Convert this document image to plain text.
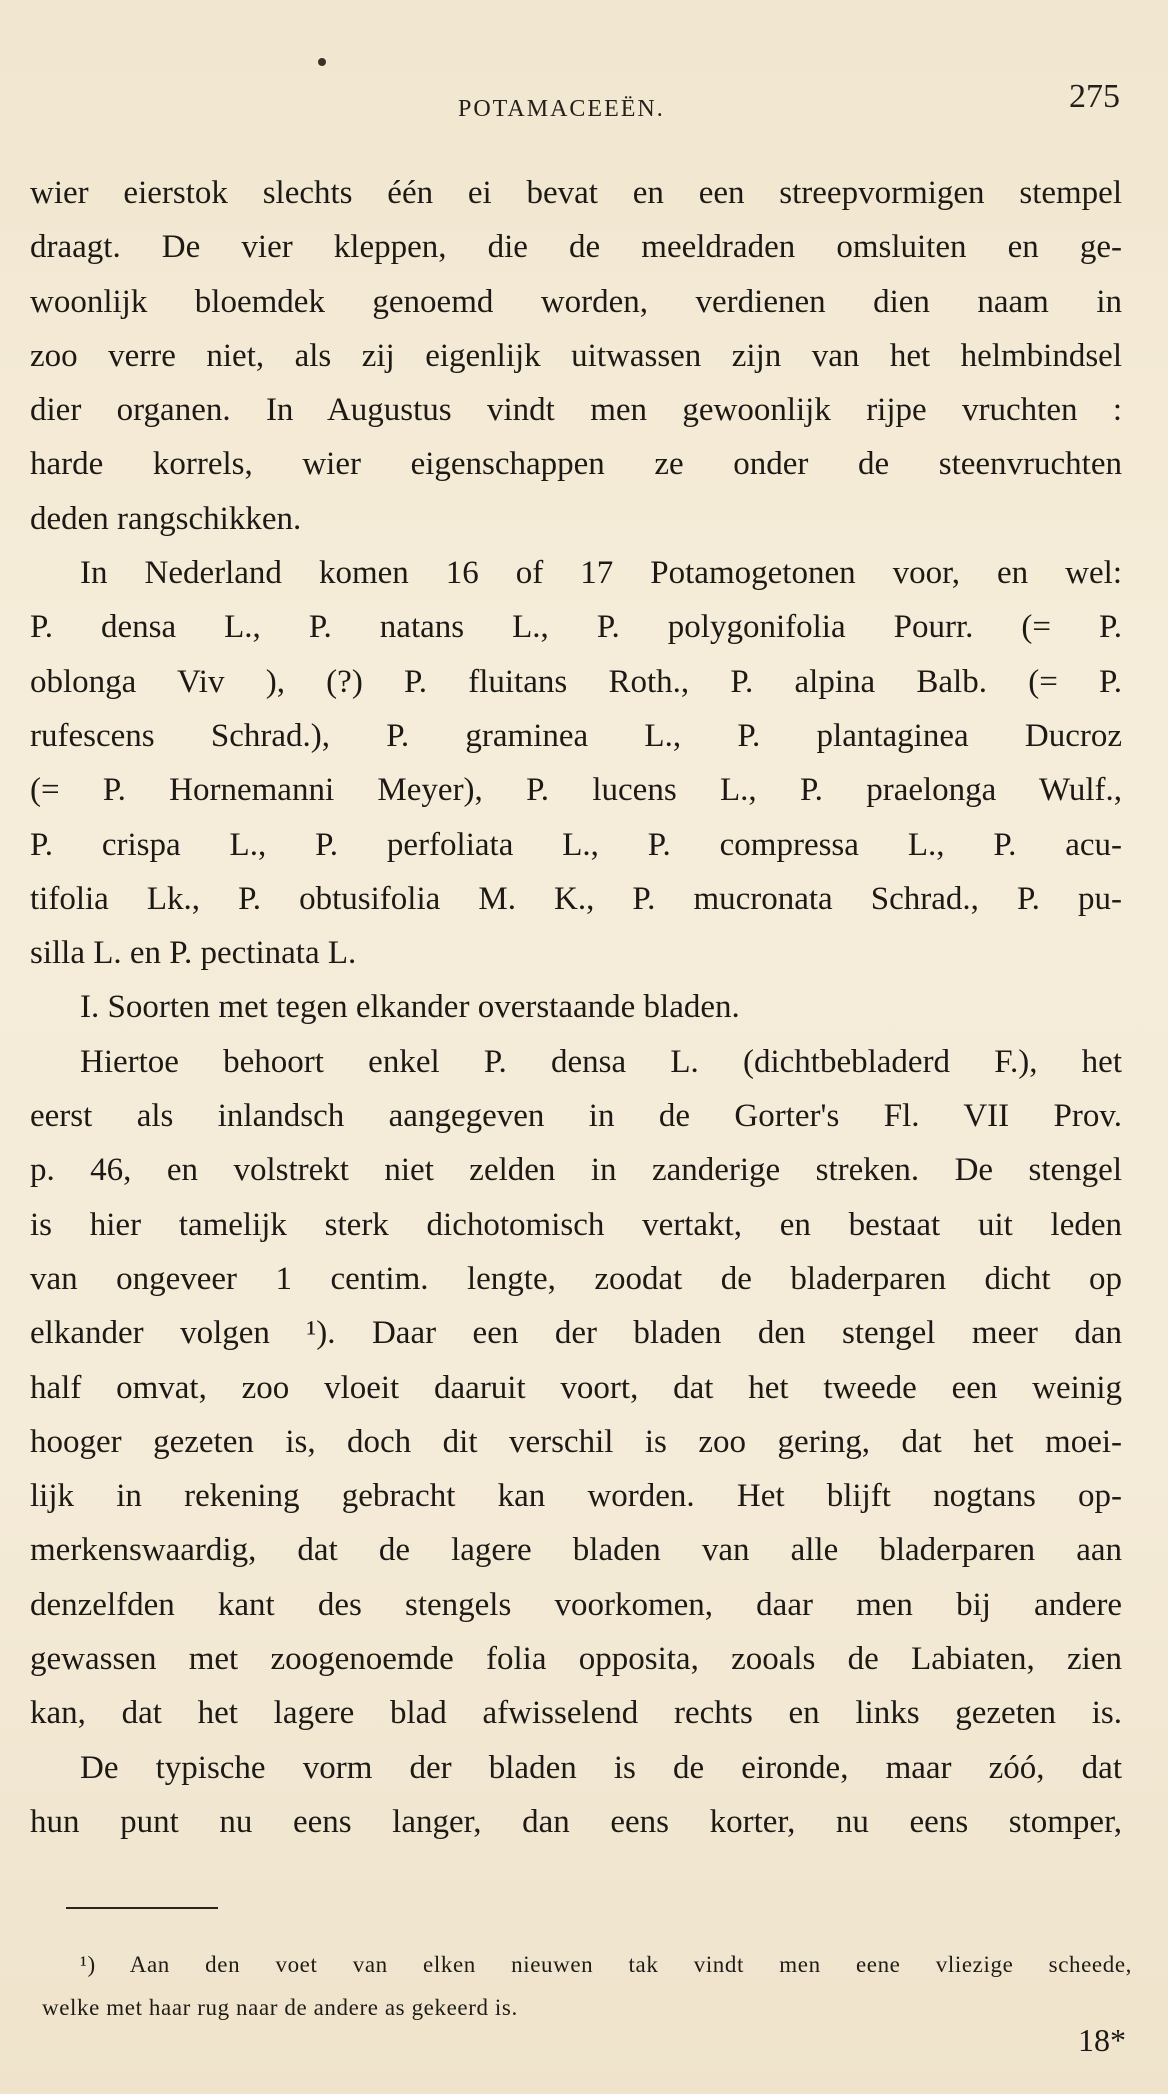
POTAMACEEËN.	275
wier eierstok slechts één ei bevat en een streepvormigen stempel
draagt. De vier kleppen, die de meeldraden omsluiten en ge-
woonlijk bloemdek genoemd worden, verdienen dien naam in
zoo verre niet, als zij eigenlijk uitwassen zijn van het helmbindsel
dier organen. In Augustus vindt men gewoonlijk rijpe vruchten :
harde korrels, wier eigenschappen ze onder de steenvruchten
deden rangschikken.
In Nederland komen 16 of 17 Potamogetonen voor, en wel:
P. densa L., P. natans L., P. polygonifolia Pourr. (= P.
oblonga Viv ), (?) P. fluitans Roth., P. alpina Balb. (= P.
rufescens Schrad.), P. graminea L., P. plantaginea Ducroz
(= P. Hornemanni Meyer), P. lucens L., P. praelonga Wulf.,
P. crispa L., P. perfoliata L., P. compressa L., P. acu-
tifolia Lk., P. obtusifolia M. K., P. mucronata Schrad., P. pu-
silla L. en P. pectinata L.
I. Soorten met tegen elkander overstaande bladen.
Hiertoe behoort enkel P. densa L. (dichtbebladerd F.), het
eerst als inlandsch aangegeven in de Gorter's Fl. VII Prov.
p. 46, en volstrekt niet zelden in zanderige streken. De stengel
is hier tamelijk sterk dichotomisch vertakt, en bestaat uit leden
van ongeveer 1 centim. lengte, zoodat de bladerparen dicht op
elkander volgen ¹). Daar een der bladen den stengel meer dan
half omvat, zoo vloeit daaruit voort, dat het tweede een weinig
hooger gezeten is, doch dit verschil is zoo gering, dat het moei-
lijk in rekening gebracht kan worden. Het blijft nogtans op-
merkenswaardig, dat de lagere bladen van alle bladerparen aan
denzelfden kant des stengels voorkomen, daar men bij andere
gewassen met zoogenoemde folia opposita, zooals de Labiaten, zien
kan, dat het lagere blad afwisselend rechts en links gezeten is.
De typische vorm der bladen is de eironde, maar zóó, dat
hun punt nu eens langer, dan eens korter, nu eens stomper,
¹) Aan den voet van elken nieuwen tak vindt men eene vliezige scheede,
welke met haar rug naar de andere as gekeerd is.
18*
